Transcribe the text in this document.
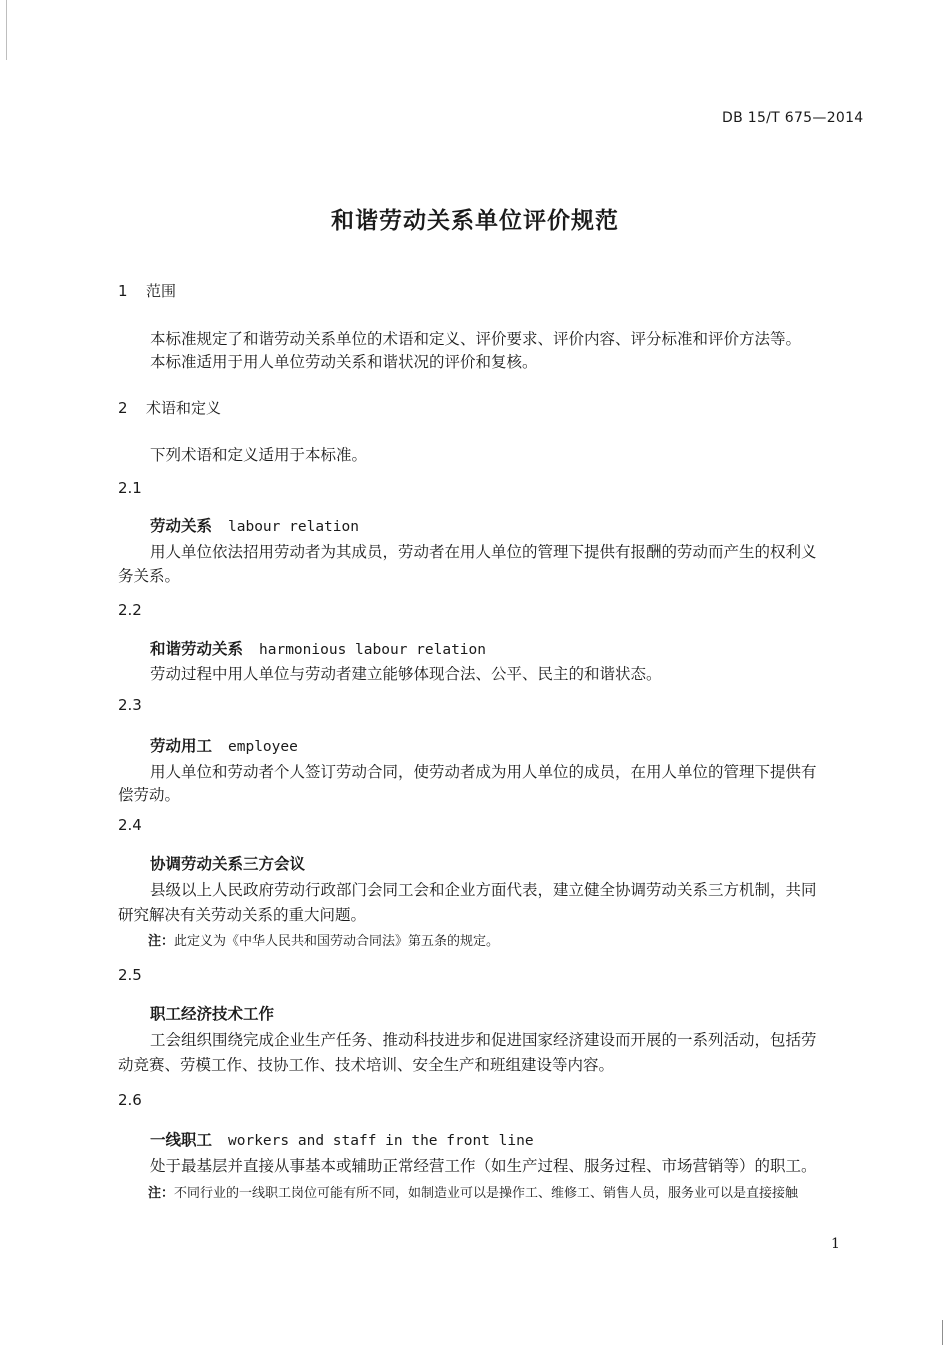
DB 15/T 675—2014
和谐劳动关系单位评价规范
1 范围
本标准规定了和谐劳动关系单位的术语和定义、评价要求、评价内容、评分标准和评价方法等。
本标准适用于用人单位劳动关系和谐状况的评价和复核。
2 术语和定义
下列术语和定义适用于本标准。
2.1
劳动关系 labour relation
用人单位依法招用劳动者为其成员，劳动者在用人单位的管理下提供有报酬的劳动而产生的权利义
务关系。
2.2
和谐劳动关系 harmonious labour relation
劳动过程中用人单位与劳动者建立能够体现合法、公平、民主的和谐状态。
2.3
劳动用工 employee
用人单位和劳动者个人签订劳动合同，使劳动者成为用人单位的成员，在用人单位的管理下提供有
偿劳动。
2.4
协调劳动关系三方会议
县级以上人民政府劳动行政部门会同工会和企业方面代表，建立健全协调劳动关系三方机制，共同
研究解决有关劳动关系的重大问题。
注：此定义为《中华人民共和国劳动合同法》第五条的规定。
2.5
职工经济技术工作
工会组织围绕完成企业生产任务、推动科技进步和促进国家经济建设而开展的一系列活动，包括劳
动竞赛、劳模工作、技协工作、技术培训、安全生产和班组建设等内容。
2.6
一线职工 workers and staff in the front line
处于最基层并直接从事基本或辅助正常经营工作（如生产过程、服务过程、市场营销等）的职工。
注：不同行业的一线职工岗位可能有所不同，如制造业可以是操作工、维修工、销售人员，服务业可以是直接接触
1
